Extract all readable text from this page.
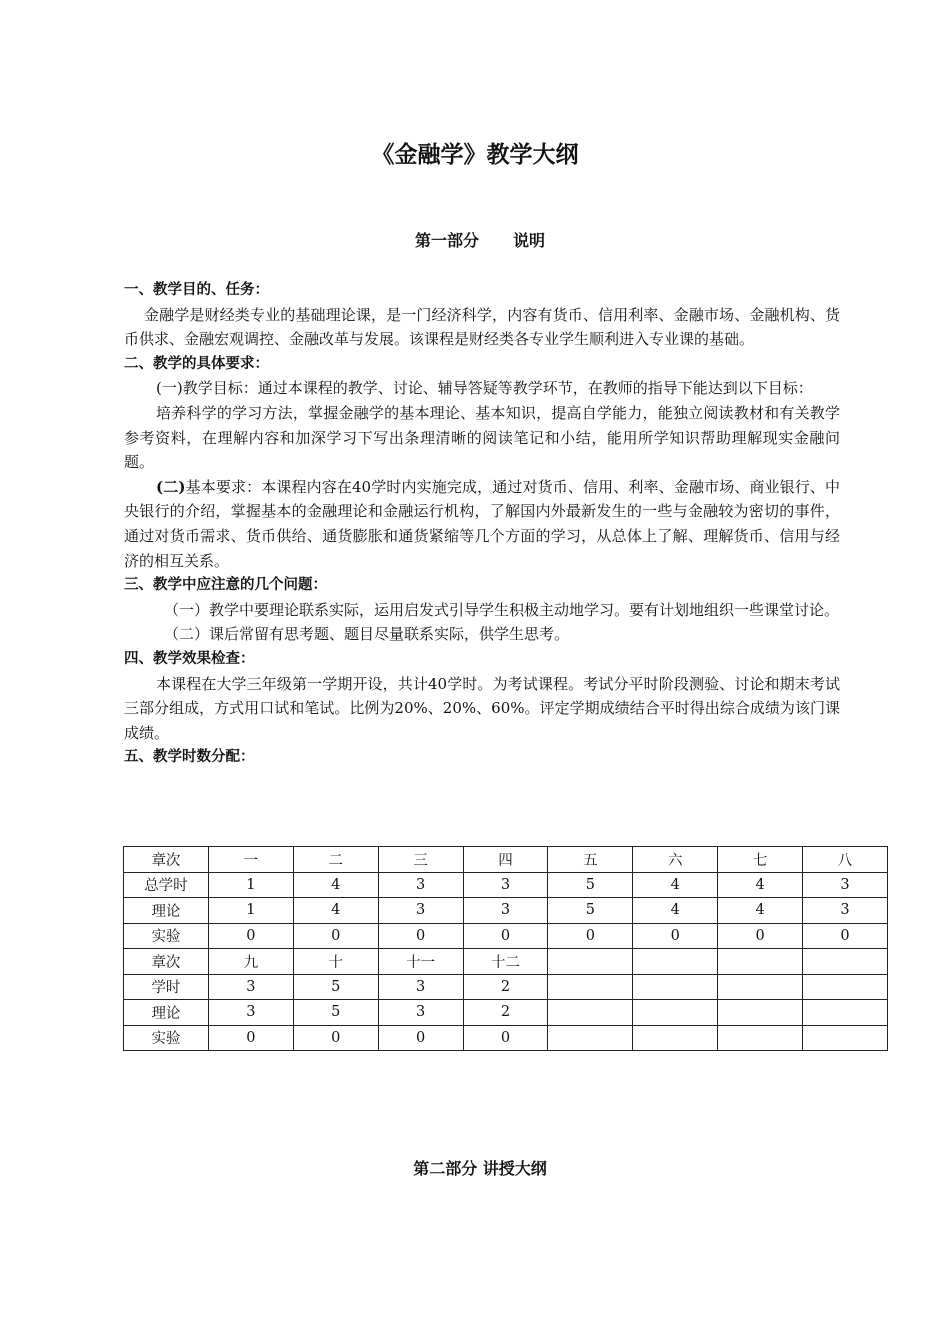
《金融学》教学大纲
第一部分 说明
一、教学目的、任务：
金融学是财经类专业的基础理论课，是一门经济科学，内容有货币、信用利率、金融市场、金融机构、货币供求、金融宏观调控、金融改革与发展。该课程是财经类各专业学生顺利进入专业课的基础。
二、教学的具体要求：
(一)教学目标：通过本课程的教学、讨论、辅导答疑等教学环节，在教师的指导下能达到以下目标：
培养科学的学习方法，掌握金融学的基本理论、基本知识，提高自学能力，能独立阅读教材和有关教学参考资料，在理解内容和加深学习下写出条理清晰的阅读笔记和小结，能用所学知识帮助理解现实金融问题。
(二)基本要求：本课程内容在40学时内实施完成，通过对货币、信用、利率、金融市场、商业银行、中央银行的介绍，掌握基本的金融理论和金融运行机构，了解国内外最新发生的一些与金融较为密切的事件，通过对货币需求、货币供给、通货膨胀和通货紧缩等几个方面的学习，从总体上了解、理解货币、信用与经济的相互关系。
三、教学中应注意的几个问题：
（一）教学中要理论联系实际，运用启发式引导学生积极主动地学习。要有计划地组织一些课堂讨论。
（二）课后常留有思考题、题目尽量联系实际，供学生思考。
四、教学效果检查：
本课程在大学三年级第一学期开设，共计40学时。为考试课程。考试分平时阶段测验、讨论和期末考试三部分组成，方式用口试和笔试。比例为20%、20%、60%。评定学期成绩结合平时得出综合成绩为该门课成绩。
五、教学时数分配：
章次	一	二	三	四	五	六	七	八
总学时	1	4	3	3	5	4	4	3
理论	1	4	3	3	5	4	4	3
实验	0	0	0	0	0	0	0	0
章次	九	十	十一	十二				
学时	3	5	3	2				
理论	3	5	3	2				
实验	0	0	0	0				
第二部分 讲授大纲
